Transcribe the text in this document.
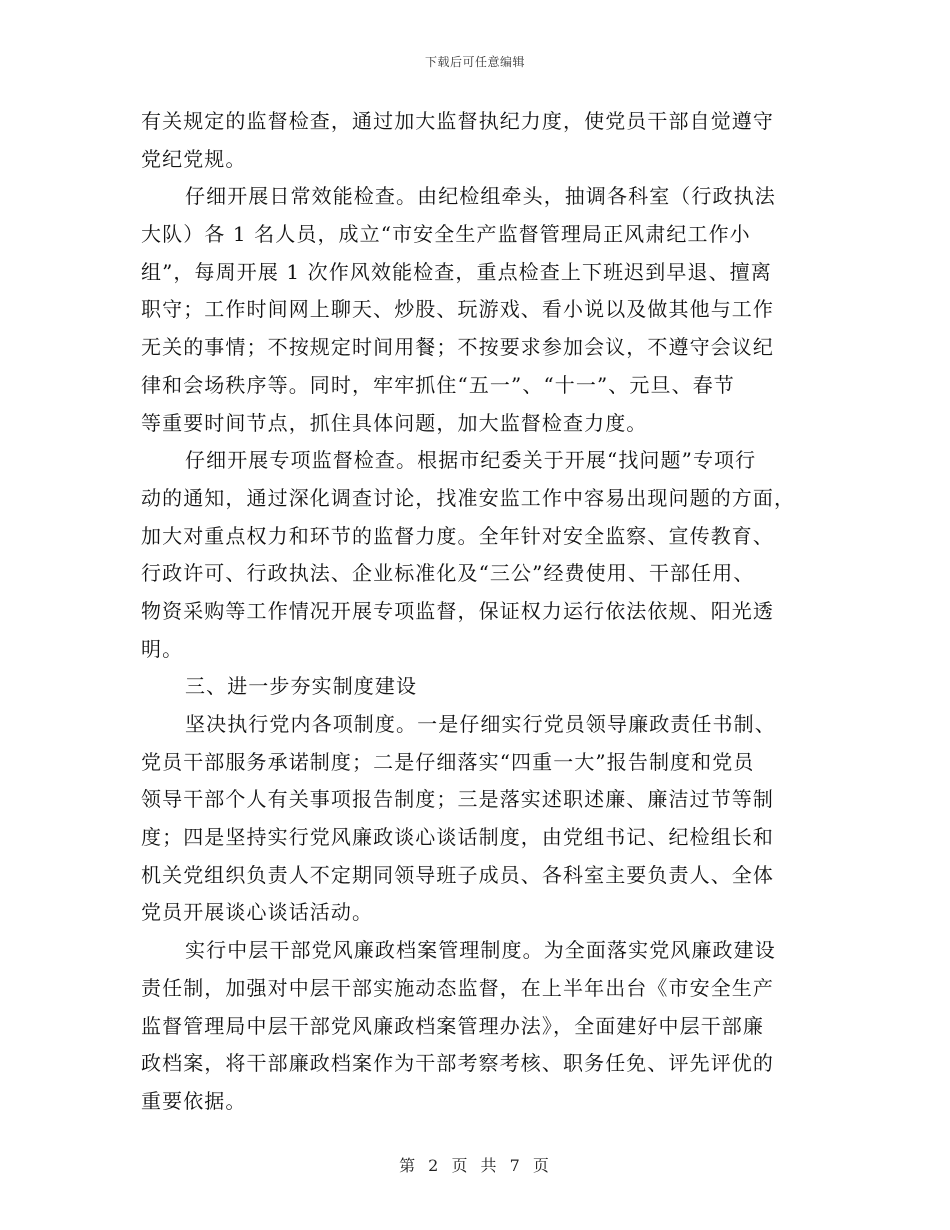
下载后可任意编辑
有关规定的监督检查，通过加大监督执纪力度，使党员干部自觉遵守
党纪党规。
仔细开展日常效能检查。由纪检组牵头，抽调各科室（行政执法
大队）各 1 名人员，成立“市安全生产监督管理局正风肃纪工作小
组”，每周开展 1 次作风效能检查，重点检查上下班迟到早退、擅离
职守；工作时间网上聊天、炒股、玩游戏、看小说以及做其他与工作
无关的事情；不按规定时间用餐；不按要求参加会议，不遵守会议纪
律和会场秩序等。同时，牢牢抓住“五一”、“十一”、元旦、春节
等重要时间节点，抓住具体问题，加大监督检查力度。
仔细开展专项监督检查。根据市纪委关于开展“找问题”专项行
动的通知，通过深化调查讨论，找准安监工作中容易出现问题的方面，
加大对重点权力和环节的监督力度。全年针对安全监察、宣传教育、
行政许可、行政执法、企业标准化及“三公”经费使用、干部任用、
物资采购等工作情况开展专项监督，保证权力运行依法依规、阳光透
明。
三、进一步夯实制度建设
坚决执行党内各项制度。一是仔细实行党员领导廉政责任书制、
党员干部服务承诺制度；二是仔细落实“四重一大”报告制度和党员
领导干部个人有关事项报告制度；三是落实述职述廉、廉洁过节等制
度；四是坚持实行党风廉政谈心谈话制度，由党组书记、纪检组长和
机关党组织负责人不定期同领导班子成员、各科室主要负责人、全体
党员开展谈心谈话活动。
实行中层干部党风廉政档案管理制度。为全面落实党风廉政建设
责任制，加强对中层干部实施动态监督，在上半年出台《市安全生产
监督管理局中层干部党风廉政档案管理办法》，全面建好中层干部廉
政档案，将干部廉政档案作为干部考察考核、职务任免、评先评优的
重要依据。
第 2 页 共 7 页
